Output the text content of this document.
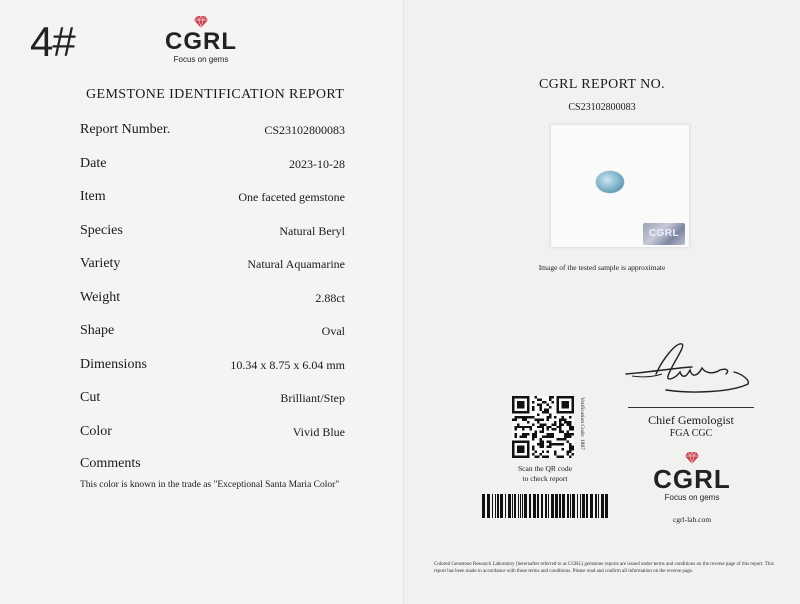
4#	CGRL
Focus on gems
GEMSTONE IDENTIFICATION REPORT
Report Number.	CS23102800083
Date	2023-10-28
Item	One faceted gemstone
Species	Natural Beryl
Variety	Natural Aquamarine
Weight	2.88ct
Shape	Oval
Dimensions	10.34 x 8.75 x 6.04 mm
Cut	Brilliant/Step
Color	Vivid Blue
Comments
This color is known in the trade as "Exceptional Santa Maria Color"
CGRL REPORT NO.
CS23102800083
CGRL
Image of the tested sample is approximate
Chief Gemologist
FGA CGC
Verification Code: 1887
Scan the QR code
to check report	CGRL
Focus on gems
cgrl-lab.com
Colored Gemstone Research Laboratory (hereinafter referred to as CGRL) gemstone reports are issued under terms and conditions on the reverse page of this report. This report has been made in accordance with these terms and conditions. Please read and confirm all information on the reverse page.
